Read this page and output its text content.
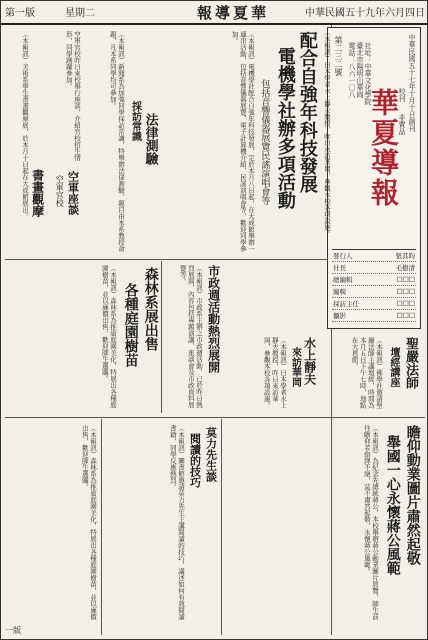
第一版	星期二	報導夏華	中華民國五十九年六月四日
中華民國五十七年十月十日創刊
校刊
非賣品
社址：中華文化學院
臺北市陽明山華岡
電話：八六一〇八
第二三二號
華夏導報
發行人	張其昀
社長	毛樹清
總編輯	□□□
編輯	□□□
採訪主任	□□□
攝影	□□□
聖嚴法師
壇經講座
（本報訊）佛學社邀請聖嚴法師主講壇經，時間為本月五日下午七時，地點在大恩館。
（本報訊）日本學者水上靜夫教授，昨日來訪華岡，參觀本校各項設施。
水上靜夫
來訪華岡
（本報訊）日本學者水上靜夫教授，昨日來訪華岡，參觀本校各項設施。
配合自強年科技發展
電機學社辦多項活動
包括音響儀器展覽民謠演唱會等
（本報訊）電機學社配合自強年科技發展，定於本月八日起，在大成館舉辦一連串活動，包括音響儀器展覽、電子計算機介紹、民謠演唱會等，歡迎同學參加。
法律測驗
採訪常識
（本報訊）新聞系為加強同學採訪常識，特舉辦法律測驗，題目由本系教授命題，凡本系同學均可參加。
空軍座談
空軍官校
書畫觀摩
（本報訊）美術系學生書畫觀摩展，於本月十日起在大成館展出。	空軍官校昨日來校舉行座談，介紹官校招生情形，同學踴躍參加。
市政週活動熱烈展開
（本報訊）市政系主辦之市政週活動，已於昨日熱烈展開，內容包括專題演講、座談會及市政資料展覽等。
森林系展出售
各種庭園樹苗
（本報訊）森林系為推廣庭園美化，特展出各種庭園樹苗，並以廉價出售，歡迎師生選購。
瞻仰動業圖片肅然起敬
舉國一心永懷蔣公風範
（本報訊）為紀念先總統蔣公，本校舉辦蔣公動業圖片展覽，師生前往瞻仰者絡繹不絕，莫不肅然起敬，永懷蔣公風範。
莫力先生談
閱讀的技巧
（本報訊）圖書館邀請莫力先生主講閱讀的技巧，講述如何有效閱讀書籍，同學反應熱烈。
（本報訊）森林系為推廣庭園美化，特展出各種庭園樹苗，並以廉價出售，歡迎師生選購。
一版
